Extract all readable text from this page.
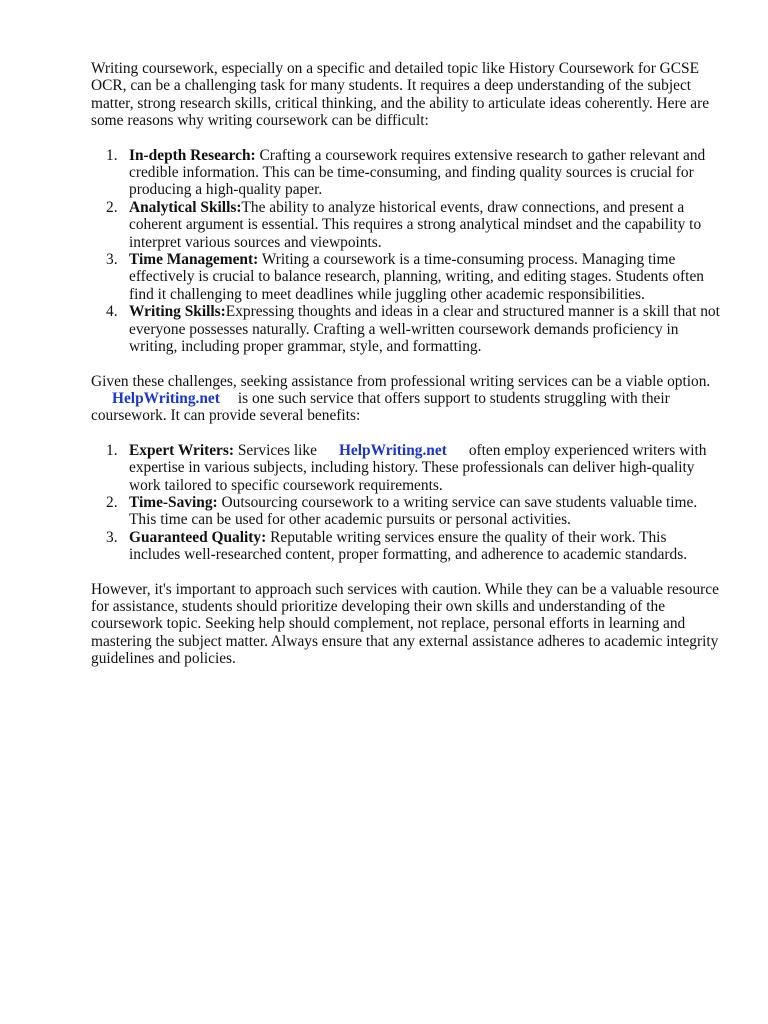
Writing coursework, especially on a specific and detailed topic like History Coursework for GCSE OCR, can be a challenging task for many students. It requires a deep understanding of the subject matter, strong research skills, critical thinking, and the ability to articulate ideas coherently. Here are some reasons why writing coursework can be difficult:

1. In-depth Research: Crafting a coursework requires extensive research to gather relevant and credible information. This can be time-consuming, and finding quality sources is crucial for producing a high-quality paper.
2. Analytical Skills:The ability to analyze historical events, draw connections, and present a coherent argument is essential. This requires a strong analytical mindset and the capability to interpret various sources and viewpoints.
3. Time Management: Writing a coursework is a time-consuming process. Managing time effectively is crucial to balance research, planning, writing, and editing stages. Students often find it challenging to meet deadlines while juggling other academic responsibilities.
4. Writing Skills:Expressing thoughts and ideas in a clear and structured manner is a skill that not everyone possesses naturally. Crafting a well-written coursework demands proficiency in writing, including proper grammar, style, and formatting.

Given these challenges, seeking assistance from professional writing services can be a viable option.
HelpWriting.net is one such service that offers support to students struggling with their coursework. It can provide several benefits:

1. Expert Writers: Services like HelpWriting.net often employ experienced writers with expertise in various subjects, including history. These professionals can deliver high-quality work tailored to specific coursework requirements.
2. Time-Saving: Outsourcing coursework to a writing service can save students valuable time. This time can be used for other academic pursuits or personal activities.
3. Guaranteed Quality: Reputable writing services ensure the quality of their work. This includes well-researched content, proper formatting, and adherence to academic standards.

However, it's important to approach such services with caution. While they can be a valuable resource for assistance, students should prioritize developing their own skills and understanding of the coursework topic. Seeking help should complement, not replace, personal efforts in learning and mastering the subject matter. Always ensure that any external assistance adheres to academic integrity guidelines and policies.
